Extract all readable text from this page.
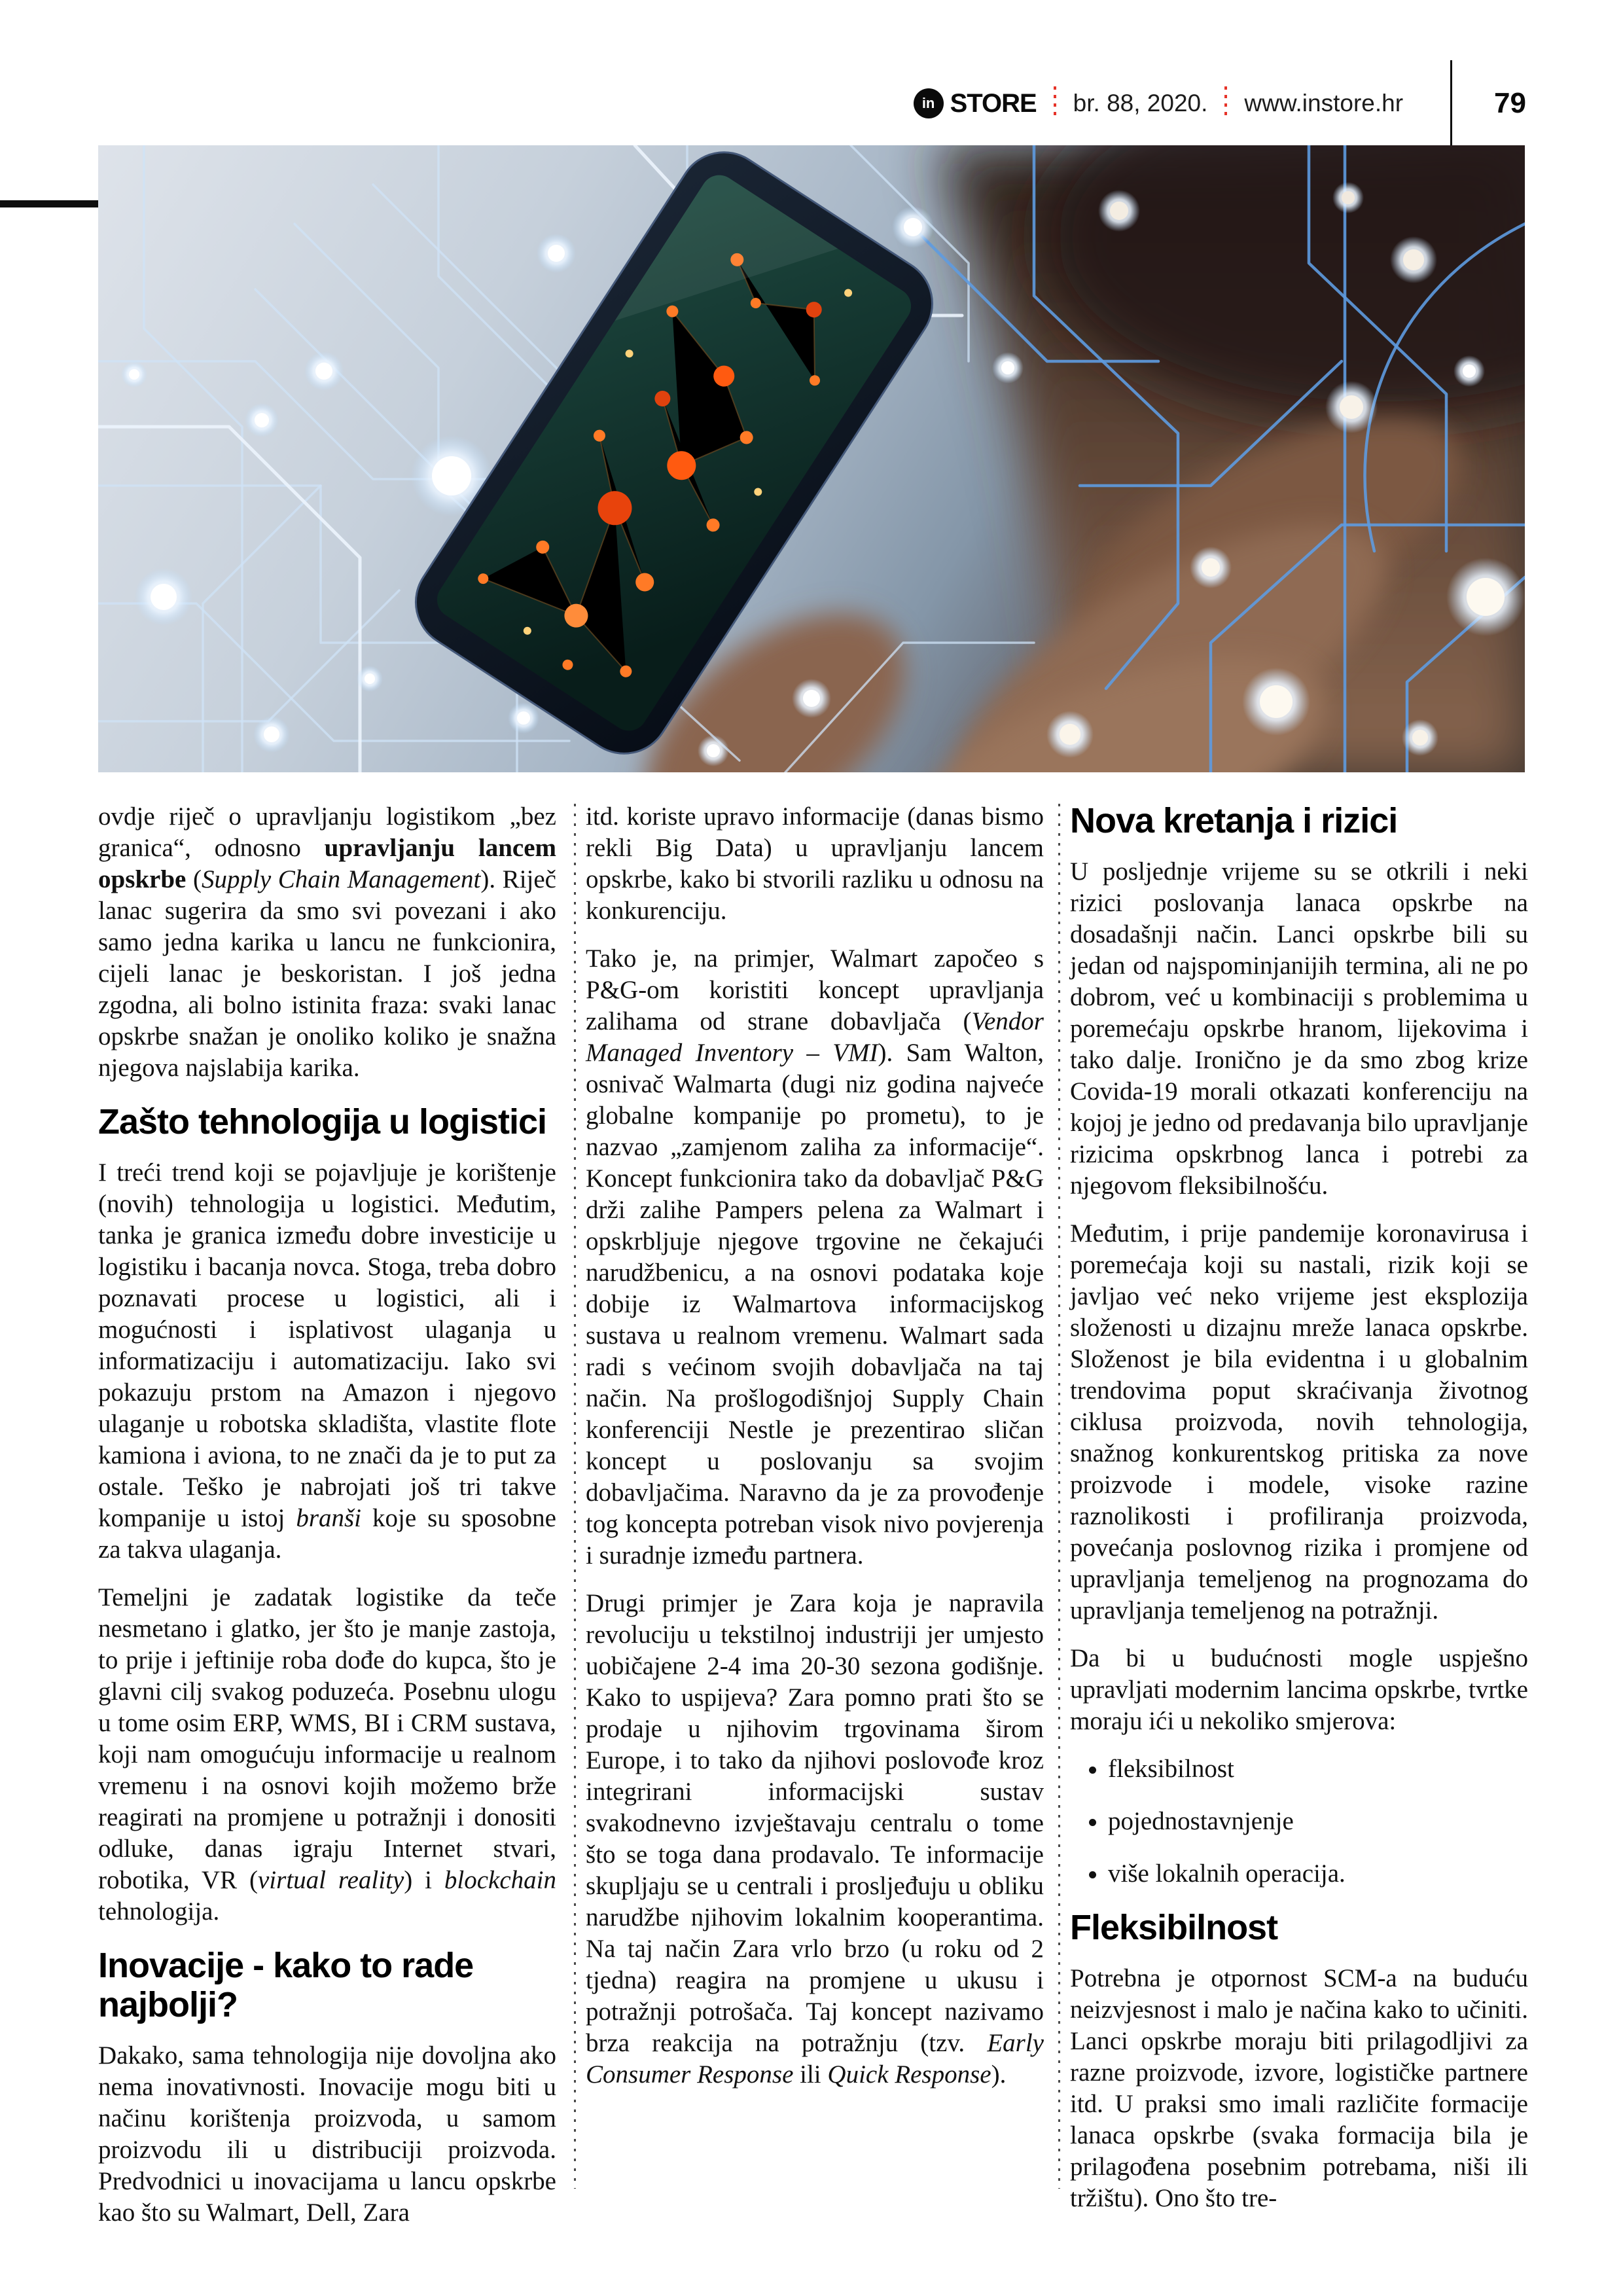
in STORE br. 88, 2020. www.instore.hr	79

ovdje riječ o upravljanju logistikom „bez granica“, odnosno upravljanju lancem opskrbe (Supply Chain Management). Riječ lanac sugerira da smo svi povezani i ako samo jedna karika u lancu ne funkcionira, cijeli lanac je beskoristan. I još jedna zgodna, ali bolno istinita fraza: svaki lanac opskrbe snažan je onoliko koliko je snažna njegova najslabija karika.

Zašto tehnologija u logistici

I treći trend koji se pojavljuje je korištenje (novih) tehnologija u logistici. Međutim, tanka je granica između dobre investicije u logistiku i bacanja novca. Stoga, treba dobro poznavati procese u logistici, ali i mogućnosti i isplativost ulaganja u informatizaciju i automatizaciju. Iako svi pokazuju prstom na Amazon i njegovo ulaganje u robotska skladišta, vlastite flote kamiona i aviona, to ne znači da je to put za ostale. Teško je nabrojati još tri takve kompanije u istoj branši koje su sposobne za takva ulaganja.

Temeljni je zadatak logistike da teče nesmetano i glatko, jer što je manje zastoja, to prije i jeftinije roba dođe do kupca, što je glavni cilj svakog poduzeća. Posebnu ulogu u tome osim ERP, WMS, BI i CRM sustava, koji nam omogućuju informacije u realnom vremenu i na osnovi kojih možemo brže reagirati na promjene u potražnji i donositi odluke, danas igraju Internet stvari, robotika, VR (virtual reality) i blockchain tehnologija.

Inovacije - kako to rade najbolji?

Dakako, sama tehnologija nije dovoljna ako nema inovativnosti. Inovacije mogu biti u načinu korištenja proizvoda, u samom proizvodu ili u distribuciji proizvoda. Predvodnici u inovacijama u lancu opskrbe kao što su Walmart, Dell, Zara

itd. koriste upravo informacije (danas bismo rekli Big Data) u upravljanju lancem opskrbe, kako bi stvorili razliku u odnosu na konkurenciju.

Tako je, na primjer, Walmart započeo s P&G-om koristiti koncept upravljanja zalihama od strane dobavljača (Vendor Managed Inventory – VMI). Sam Walton, osnivač Walmarta (dugi niz godina najveće globalne kompanije po prometu), to je nazvao „zamjenom zaliha za informacije“. Koncept funkcionira tako da dobavljač P&G drži zalihe Pampers pelena za Walmart i opskrbljuje njegove trgovine ne čekajući narudžbenicu, a na osnovi podataka koje dobije iz Walmartova informacijskog sustava u realnom vremenu. Walmart sada radi s većinom svojih dobavljača na taj način. Na prošlogodišnjoj Supply Chain konferenciji Nestle je prezentirao sličan koncept u poslovanju sa svojim dobavljačima. Naravno da je za provođenje tog koncepta potreban visok nivo povjerenja i suradnje između partnera.

Drugi primjer je Zara koja je napravila revoluciju u tekstilnoj industriji jer umjesto uobičajene 2-4 ima 20-30 sezona godišnje. Kako to uspijeva? Zara pomno prati što se prodaje u njihovim trgovinama širom Europe, i to tako da njihovi poslovođe kroz integrirani informacijski sustav svakodnevno izvještavaju centralu o tome što se toga dana prodavalo. Te informacije skupljaju se u centrali i prosljeđuju u obliku narudžbe njihovim lokalnim kooperantima. Na taj način Zara vrlo brzo (u roku od 2 tjedna) reagira na promjene u ukusu i potražnji potrošača. Taj koncept nazivamo brza reakcija na potražnju (tzv. Early Consumer Response ili Quick Response).

Nova kretanja i rizici

U posljednje vrijeme su se otkrili i neki rizici poslovanja lanaca opskrbe na dosadašnji način. Lanci opskrbe bili su jedan od najspominjanijih termina, ali ne po dobrom, već u kombinaciji s problemima u poremećaju opskrbe hranom, lijekovima i tako dalje. Ironično je da smo zbog krize Covida-19 morali otkazati konferenciju na kojoj je jedno od predavanja bilo upravljanje rizicima opskrbnog lanca i potrebi za njegovom fleksibilnošću.

Međutim, i prije pandemije koronavirusa i poremećaja koji su nastali, rizik koji se javljao već neko vrijeme jest eksplozija složenosti u dizajnu mreže lanaca opskrbe. Složenost je bila evidentna i u globalnim trendovima poput skraćivanja životnog ciklusa proizvoda, novih tehnologija, snažnog konkurentskog pritiska za nove proizvode i modele, visoke razine raznolikosti i profiliranja proizvoda, povećanja poslovnog rizika i promjene od upravljanja temeljenog na prognozama do upravljanja temeljenog na potražnji.

Da bi u budućnosti mogle uspješno upravljati modernim lancima opskrbe, tvrtke moraju ići u nekoliko smjerova:

• fleksibilnost
• pojednostavnjenje
• više lokalnih operacija.
Fleksibilnost

Potrebna je otpornost SCM-a na buduću neizvjesnost i malo je načina kako to učiniti. Lanci opskrbe moraju biti prilagodljivi za razne proizvode, izvore, logističke partnere itd. U praksi smo imali različite formacije lanaca opskrbe (svaka formacija bila je prilagođena posebnim potrebama, niši ili tržištu). Ono što tre-
